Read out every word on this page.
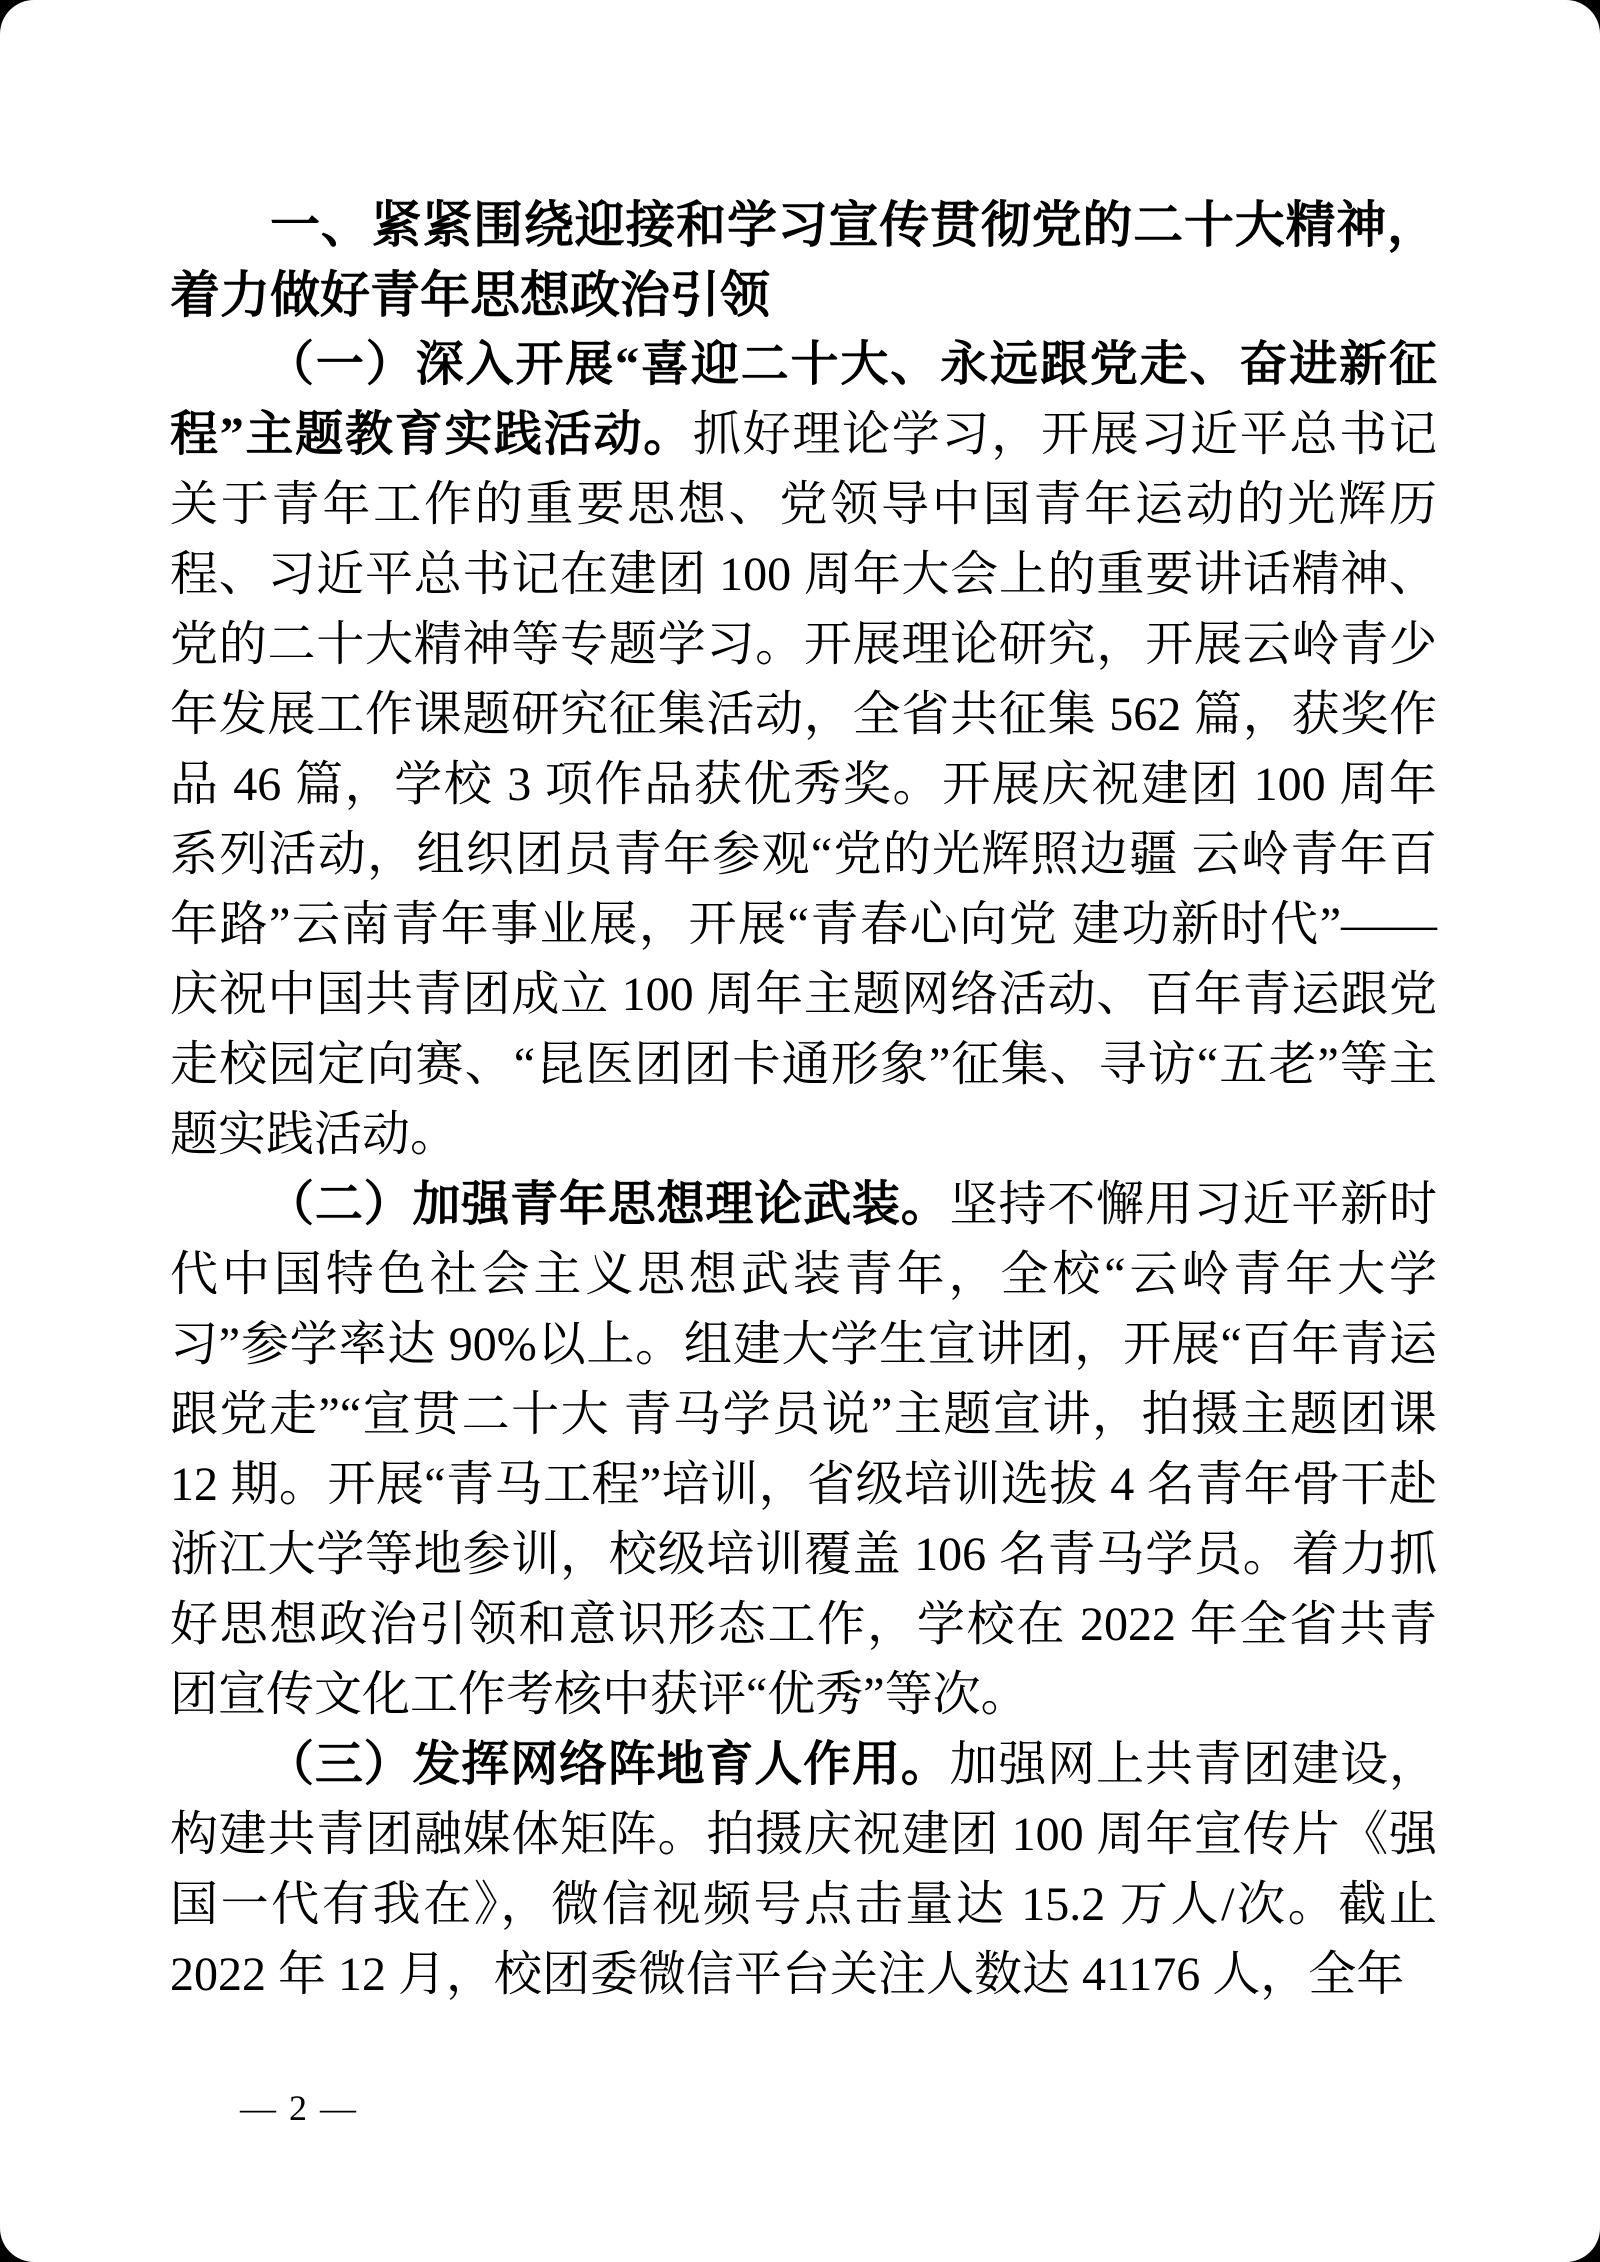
一、紧紧围绕迎接和学习宣传贯彻党的二十大精神，着力做好青年思想政治引领

（一）深入开展“喜迎二十大、永远跟党走、奋进新征程”主题教育实践活动。抓好理论学习，开展习近平总书记关于青年工作的重要思想、党领导中国青年运动的光辉历程、习近平总书记在建团 100 周年大会上的重要讲话精神、党的二十大精神等专题学习。开展理论研究，开展云岭青少年发展工作课题研究征集活动，全省共征集 562 篇，获奖作品 46 篇，学校 3 项作品获优秀奖。开展庆祝建团 100 周年系列活动，组织团员青年参观“党的光辉照边疆 云岭青年百年路”云南青年事业展，开展“青春心向党 建功新时代”——庆祝中国共青团成立 100 周年主题网络活动、百年青运跟党走校园定向赛、“昆医团团卡通形象”征集、寻访“五老”等主题实践活动。

（二）加强青年思想理论武装。坚持不懈用习近平新时代中国特色社会主义思想武装青年，全校“云岭青年大学习”参学率达 90%以上。组建大学生宣讲团，开展“百年青运跟党走”“宣贯二十大 青马学员说”主题宣讲，拍摄主题团课 12 期。开展“青马工程”培训，省级培训选拔 4 名青年骨干赴浙江大学等地参训，校级培训覆盖 106 名青马学员。着力抓好思想政治引领和意识形态工作，学校在 2022 年全省共青团宣传文化工作考核中获评“优秀”等次。

（三）发挥网络阵地育人作用。加强网上共青团建设，构建共青团融媒体矩阵。拍摄庆祝建团 100 周年宣传片《强国一代有我在》，微信视频号点击量达 15.2 万人/次。截止 2022 年 12 月，校团委微信平台关注人数达 41176 人，全年

— 2 —
